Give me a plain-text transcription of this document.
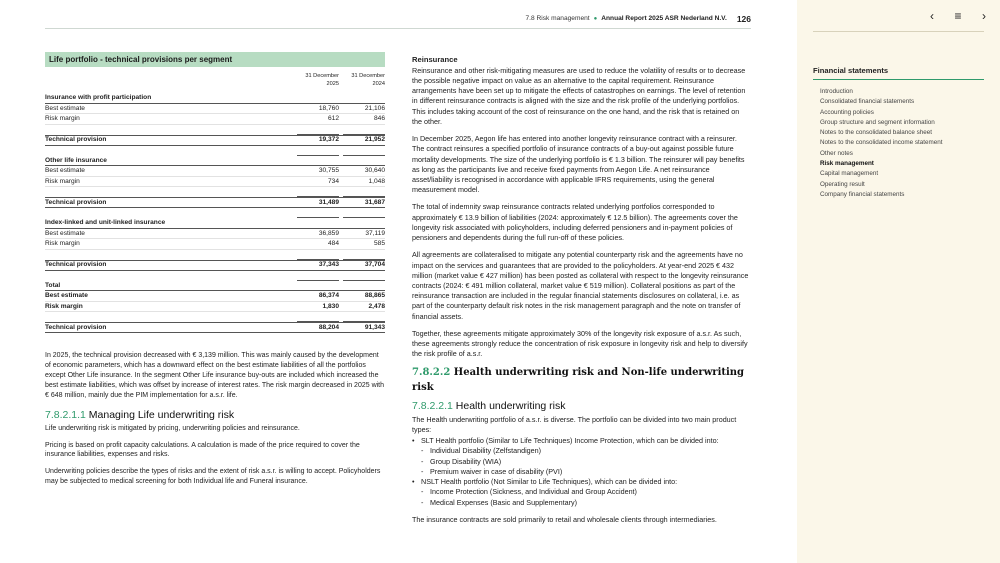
7.8 Risk management ● Annual Report 2025 ASR Nederland N.V. 126
Life portfolio - technical provisions per segment
31 December 2025
31 December 2024
Insurance with profit participation
Best estimate	18,760	21,106
Risk margin	612	846
Technical provision	19,372	21,952
Other life insurance
Best estimate	30,755	30,640
Risk margin	734	1,048
Technical provision	31,489	31,687
Index-linked and unit-linked insurance
Best estimate	36,859	37,119
Risk margin	484	585
Technical provision	37,343	37,704
Total
Best estimate	86,374	88,865
Risk margin	1,830	2,478
Technical provision	88,204	91,343

In 2025, the technical provision decreased with € 3,139 million. This was mainly caused by the development of economic parameters, which has a downward effect on the best estimate liabilities of all the portfolios except Other Life insurance. In the segment Other Life insurance buy-outs are included which increased the best estimate liabilities, which was offset by increase of interest rates. The risk margin decreased in 2025 with € 648 million, mainly due the PIM implementation for a.s.r. life.

7.8.2.1.1 Managing Life underwriting risk

Life underwriting risk is mitigated by pricing, underwriting policies and reinsurance.

Pricing is based on profit capacity calculations. A calculation is made of the price required to cover the insurance liabilities, expenses and risks.

Underwriting policies describe the types of risks and the extent of risk a.s.r. is willing to accept. Policyholders may be subjected to medical screening for both Individual life and Funeral insurance.

Reinsurance

Reinsurance and other risk-mitigating measures are used to reduce the volatility of results or to decrease the possible negative impact on value as an alternative to the capital requirement. Reinsurance arrangements have been set up to mitigate the effects of catastrophes on earnings. The level of retention in different reinsurance contracts is aligned with the size and the risk profile of the underlying portfolios. This includes taking account of the cost of reinsurance on the one hand, and the risk that is retained on the other.

In December 2025, Aegon life has entered into another longevity reinsurance contract with a reinsurer. The contract reinsures a specified portfolio of insurance contracts of a buy-out against possible future mortality developments. The size of the underlying portfolio is € 1.3 billion. The reinsurer will pay benefits as long as the participants live and receive fixed payments from Aegon Life. A net reinsurance asset/liability is recognised in accordance with applicable IFRS requirements, using the general measurement model.

The total of indemnity swap reinsurance contracts related underlying portfolios corresponded to approximately € 13.9 billion of liabilities (2024: approximately € 12.5 billion). The agreements cover the longevity risk associated with policyholders, including deferred pensioners and in-payment policies of pensioners and dependents during the full run-off of these policies.

All agreements are collateralised to mitigate any potential counterparty risk and the agreements have no impact on the services and guarantees that are provided to the policyholders. At year-end 2025 € 432 million (market value € 427 million) has been posted as collateral with respect to the longevity reinsurance contracts (2024: € 491 million collateral, market value € 519 million). Collateral positions as part of the reinsurance transaction are included in the regular financial statements disclosures on collateral, i.e. as part of the counterparty default risk notes in the risk management paragraph and the note on transfer of financial assets.

Together, these agreements mitigate approximately 30% of the longevity risk exposure of a.s.r. As such, these agreements strongly reduce the concentration of risk exposure in longevity risk and help to diversify the risk profile of a.s.r.

7.8.2.2 Health underwriting risk and Non-life underwriting risk
7.8.2.2.1 Health underwriting risk

The Health underwriting portfolio of a.s.r. is diverse. The portfolio can be divided into two main product types:

• SLT Health portfolio (Similar to Life Techniques) Income Protection, which can be divided into:
- Individual Disability (Zelfstandigen)
- Group Disability (WIA)
- Premium waiver in case of disability (PVI)
• NSLT Health portfolio (Not Similar to Life Techniques), which can be divided into:
- Income Protection (Sickness, and Individual and Group Accident)
- Medical Expenses (Basic and Supplementary)

The insurance contracts are sold primarily to retail and wholesale clients through intermediaries.

‹	≡	›
Financial statements
Introduction
Consolidated financial statements
Accounting policies
Group structure and segment information
Notes to the consolidated balance sheet
Notes to the consolidated income statement
Other notes
Risk management
Capital management
Operating result
Company financial statements
